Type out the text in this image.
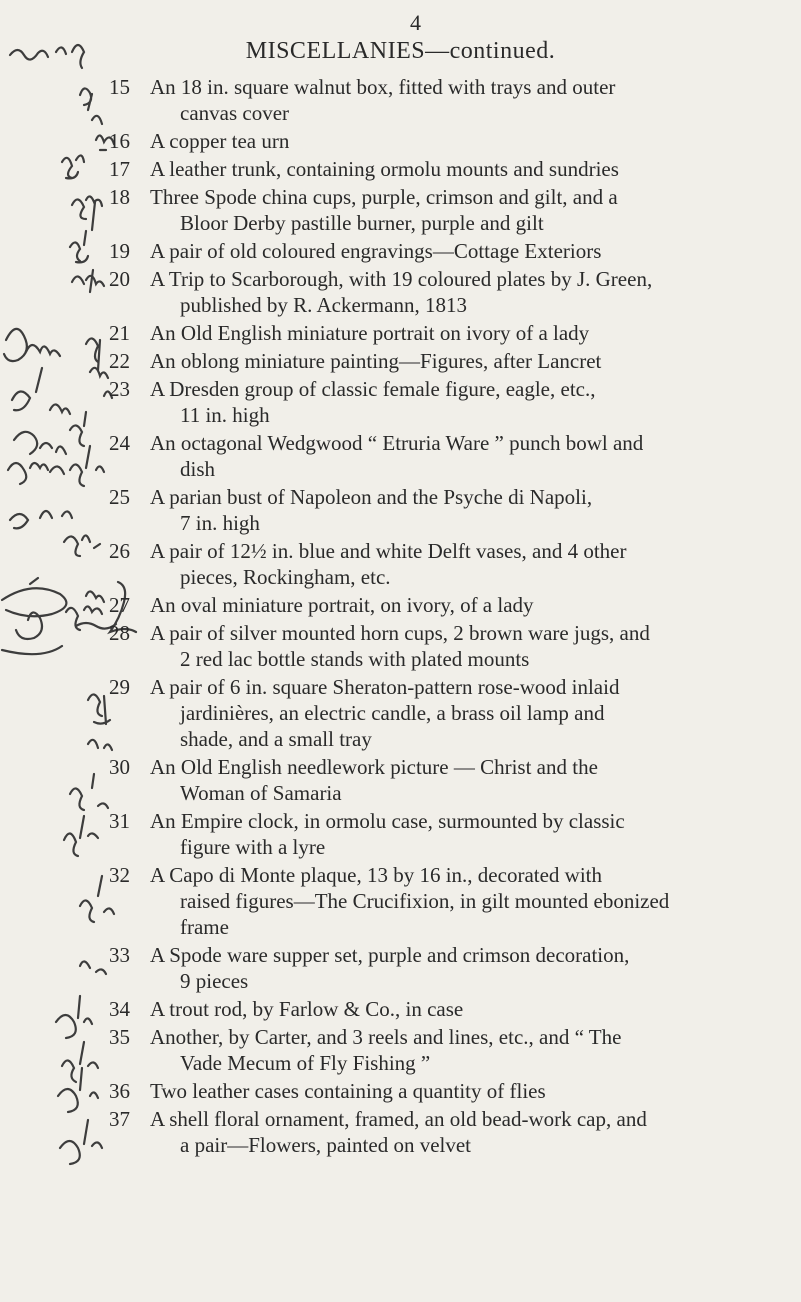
4
MISCELLANIES—continued.
15 An 18 in. square walnut box, fitted with trays and outer
canvas cover
16 A copper tea urn
17 A leather trunk, containing ormolu mounts and sundries
18 Three Spode china cups, purple, crimson and gilt, and a
Bloor Derby pastille burner, purple and gilt
19 A pair of old coloured engravings—Cottage Exteriors
20 A Trip to Scarborough, with 19 coloured plates by J. Green,
published by R. Ackermann, 1813
21 An Old English miniature portrait on ivory of a lady
22 An oblong miniature painting—Figures, after Lancret
23 A Dresden group of classic female figure, eagle, etc.,
11 in. high
24 An octagonal Wedgwood “ Etruria Ware ” punch bowl and
dish
25 A parian bust of Napoleon and the Psyche di Napoli,
7 in. high
26 A pair of 12½ in. blue and white Delft vases, and 4 other
pieces, Rockingham, etc.
27 An oval miniature portrait, on ivory, of a lady
28 A pair of silver mounted horn cups, 2 brown ware jugs, and
2 red lac bottle stands with plated mounts
29 A pair of 6 in. square Sheraton-pattern rose-wood inlaid
jardinières, an electric candle, a brass oil lamp and
shade, and a small tray
30 An Old English needlework picture — Christ and the
Woman of Samaria
31 An Empire clock, in ormolu case, surmounted by classic
figure with a lyre
32 A Capo di Monte plaque, 13 by 16 in., decorated with
raised figures—The Crucifixion, in gilt mounted ebonized
frame
33 A Spode ware supper set, purple and crimson decoration,
9 pieces
34 A trout rod, by Farlow & Co., in case
35 Another, by Carter, and 3 reels and lines, etc., and “ The
Vade Mecum of Fly Fishing ”
36 Two leather cases containing a quantity of flies
37 A shell floral ornament, framed, an old bead-work cap, and
a pair—Flowers, painted on velvet
